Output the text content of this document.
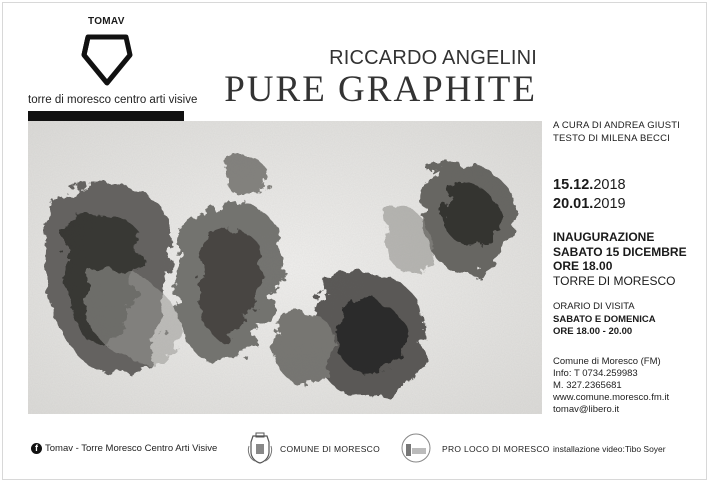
TOMAV
torre di moresco centro arti visive
RICCARDO ANGELINI
PURE GRAPHITE
A CURA DI ANDREA GIUSTI
TESTO DI MILENA BECCI
15.12.2018
20.01.2019
INAUGURAZIONE
SABATO 15 DICEMBRE
ORE 18.00
TORRE DI MORESCO
ORARIO DI VISITA
SABATO E DOMENICA
ORE 18.00 - 20.00
Comune di Moresco (FM)
Info: T 0734.259983
M. 327.2365681
www.comune.moresco.fm.it
tomav@libero.it
f Tomav - Torre Moresco Centro Arti Visive	COMUNE DI MORESCO	PRO LOCO DI MORESCO installazione video:Tibo Soyer
